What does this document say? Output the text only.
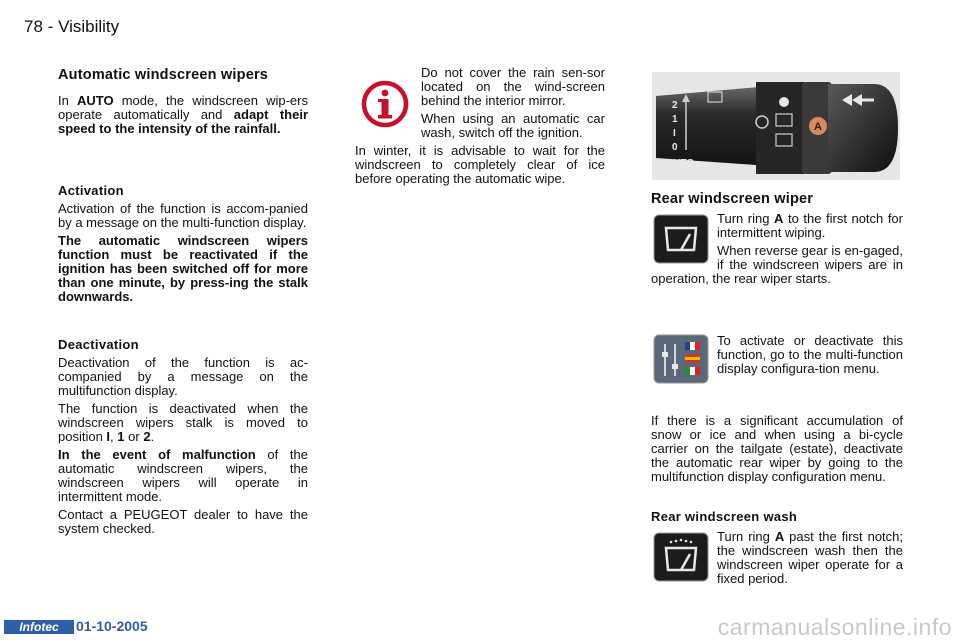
78 - Visibility
Automatic windscreen wipers

In AUTO mode, the windscreen wip-ers operate automatically and adapt their speed to the intensity of the rainfall.

Activation

Activation of the function is accom-panied by a message on the multi-function display.

The automatic windscreen wipers function must be reactivated if the ignition has been switched off for more than one minute, by press-ing the stalk downwards.

Deactivation

Deactivation of the function is ac-companied by a message on the multifunction display.

The function is deactivated when the windscreen wipers stalk is moved to position I, 1 or 2.

In the event of malfunction of the automatic windscreen wipers, the windscreen wipers will operate in intermittent mode.

Contact a PEUGEOT dealer to have the system checked.

Do not cover the rain sen-sor located on the wind-screen behind the interior mirror.

When using an automatic car wash, switch off the ignition.

In winter, it is advisable to wait for the windscreen to completely clear of ice before operating the automatic wipe.

2
1
I
0
AUTO
A
Rear windscreen wiper

Turn ring A to the first notch for intermittent wiping.

When reverse gear is en-gaged, if the windscreen wipers are in operation, the rear wiper starts.

To activate or deactivate this function, go to the multi-function display configura-tion menu.

If there is a significant accumulation of snow or ice and when using a bi-cycle carrier on the tailgate (estate), deactivate the automatic rear wiper by going to the multifunction display configuration menu.

Rear windscreen wash

Turn ring A past the first notch; the windscreen wash then the windscreen wiper operate for a fixed period.

Infotec	01-10-2005	carmanualsonline.info
